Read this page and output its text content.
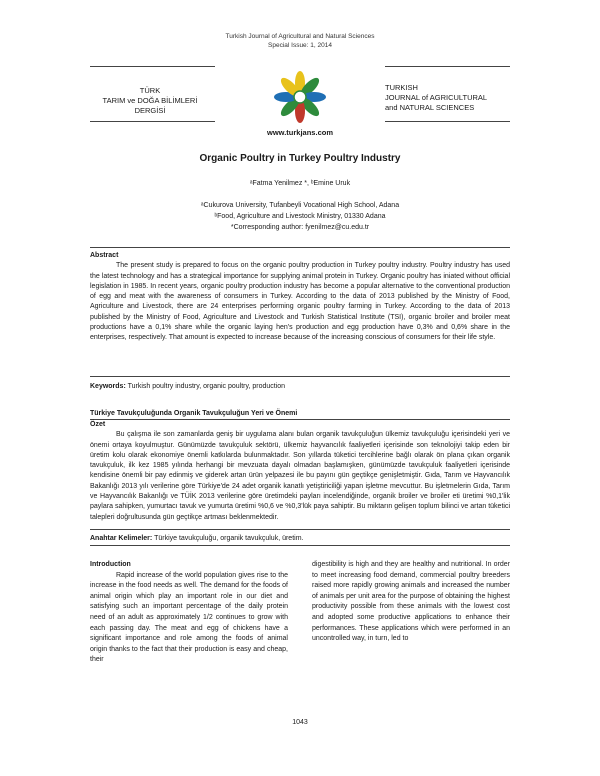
Turkish Journal of Agricultural and Natural Sciences
Special Issue: 1, 2014
TÜRK
TARIM ve DOĞA BİLİMLERİ
DERGİSİ
TURKISH
JOURNAL of AGRICULTURAL
and NATURAL SCIENCES
www.turkjans.com
Organic Poultry in Turkey Poultry Industry
ᵃFatma Yenilmez *, ᵇEmine Uruk
ᵃCukurova University, Tufanbeyli Vocational High School, Adana
ᵇFood, Agriculture and Livestock Ministry, 01330 Adana
*Corresponding author: fyenilmez@cu.edu.tr
Abstract
The present study is prepared to focus on the organic poultry production in Turkey poultry industry. Poultry industry has used the latest technology and has a strategical importance for supplying animal protein in Turkey. Organic poultry has iniated without official legislation in 1985. In recent years, organic poultry production industry has become a popular alternative to the conventional production of egg and meat with the awareness of consumers in Turkey. According to the data of 2013 published by the Ministry of Food, Agriculture and Livestock, there are 24 enterprises performing organic poultry farming in Turkey. According to the data of 2013 published by the Ministry of Food, Agriculture and Livestock and Turkish Statistical Institute (TSI), organic broiler and broiler meat productions have a 0,1% share while the organic laying hen's production and egg production have 0,3% and 0,6% share in the enterprises, respectively. That amount is expected to increase because of the increasing conscious of consumers for their life style.
Keywords: Turkish poultry industry, organic poultry, production
Türkiye Tavukçuluğunda Organik Tavukçuluğun Yeri ve Önemi
Özet
Bu çalışma ile son zamanlarda geniş bir uygulama alanı bulan organik tavukçuluğun ülkemiz tavukçuluğu içerisindeki yeri ve önemi ortaya koyulmuştur. Günümüzde tavukçuluk sektörü, ülkemiz hayvancılık faaliyetleri içerisinde son teknolojiyi takip eden bir üretim kolu olarak ekonomiye önemli katkılarda bulunmaktadır. Son yıllarda tüketici tercihlerine bağlı olarak ön plana çıkan organik tavukçuluk, ilk kez 1985 yılında herhangi bir mevzuata dayalı olmadan başlamışken, günümüzde tavukçuluk faaliyetleri içerisinde kendisine önemli bir pay edinmiş ve giderek artan ürün yelpazesi ile bu payını gün geçtikçe genişletmiştir. Gıda, Tarım ve Hayvancılık Bakanlığı 2013 yılı verilerine göre Türkiye'de 24 adet organik kanatlı yetiştiriciliği yapan işletme mevcuttur. Bu işletmelerin Gıda, Tarım ve Hayvancılık Bakanlığı ve TÜİK 2013 verilerine göre üretimdeki payları incelendiğinde, organik broiler ve broiler eti üretimi %0,1'lik paylara sahipken, yumurtacı tavuk ve yumurta üretimi %0,6 ve %0,3'lük paya sahiptir. Bu miktarın gelişen toplum bilinci ve artan tüketici talepleri doğrultusunda gün geçtikçe artması beklenmektedir.
Anahtar Kelimeler: Türkiye tavukçuluğu, organik tavukçuluk, üretim.
Introduction
Rapid increase of the world population gives rise to the increase in the food needs as well. The demand for the foods of animal origin which play an important role in our diet and satisfying such an important percentage of the daily protein need of an adult as approximately 1/2 continues to grow with each passing day. The meat and egg of chickens have a significant importance and role among the foods of animal origin thanks to the fact that their production is easy and cheap, their
digestibility is high and they are healthy and nutritional. In order to meet increasing food demand, commercial poultry breeders raised more rapidly growing animals and increased the number of animals per unit area for the purpose of obtaining the highest productivity possible from these animals with the lowest cost and adopted some productive applications to enhance their performances. These applications which were performed in an uncontrolled way, in turn, led to
1043
